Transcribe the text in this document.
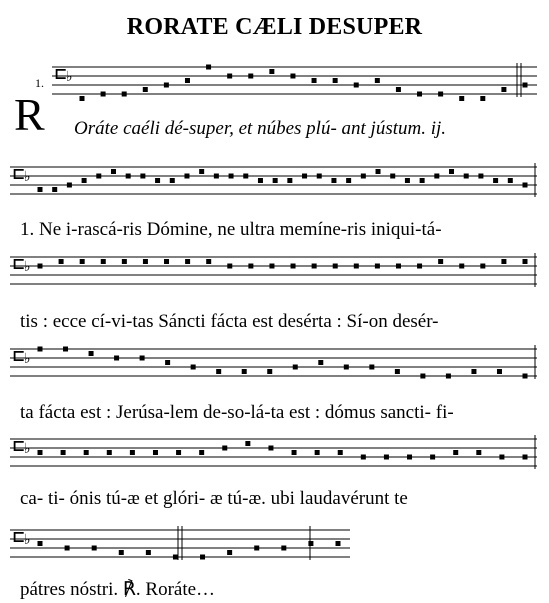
RORATE CÆLI DESUPER
1.
R
⊏
♭
Oráte caéli dé-super, et núbes plú- ant jústum. ij.
⊏
♭
1. Ne i-rascá-ris Dómine, ne ultra memíne-ris iniqui-tá-
⊏
♭
tis : ecce cí-vi-tas Sáncti fácta est desérta : Sí-on desér-
⊏
♭
ta fácta est : Jerúsa-lem de-so-lá-ta est : dómus sancti- fi-
⊏
♭
ca- ti- ónis tú-æ et glóri- æ tú-æ. ubi laudavérunt te
⊏
♭
pátres nóstri. ℟. Roráte…
